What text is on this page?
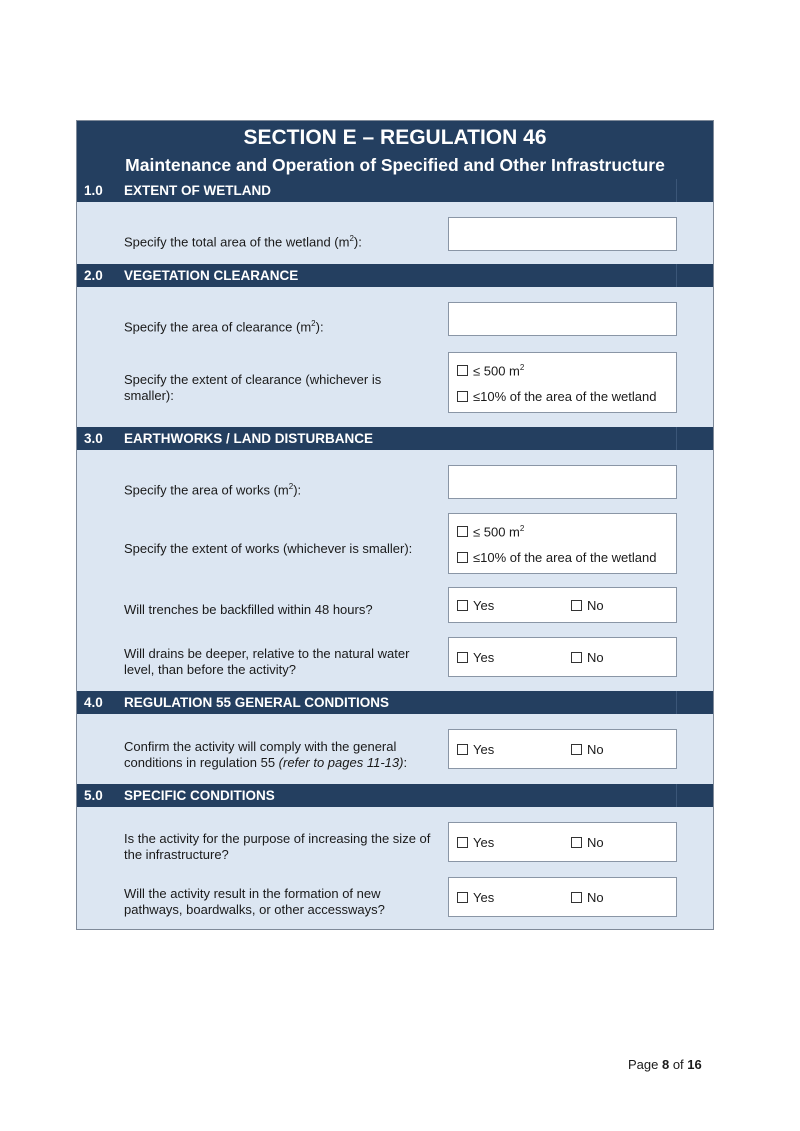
SECTION E – REGULATION 46
Maintenance and Operation of Specified and Other Infrastructure
1.0 EXTENT OF WETLAND
Specify the total area of the wetland $(m^2)$:
2.0 VEGETATION CLEARANCE
Specify the area of clearance $(m^2)$:
Specify the extent of clearance (whichever is smaller):
≤ 500 $m^2$
≤10% of the area of the wetland
3.0 EARTHWORKS / LAND DISTURBANCE
Specify the area of works $(m^2)$:
Specify the extent of works (whichever is smaller):
≤ 500 $m^2$
≤10% of the area of the wetland
Will trenches be backfilled within 48 hours?	Yes	No
Will drains be deeper, relative to the natural water level, than before the activity?
Yes	No
4.0 REGULATION 55 GENERAL CONDITIONS
Confirm the activity will comply with the general conditions in regulation 55 (refer to pages 11-13):
Yes	No
5.0 SPECIFIC CONDITIONS
Is the activity for the purpose of increasing the size of the infrastructure?
Yes	No
Will the activity result in the formation of new pathways, boardwalks, or other accessways?
Yes	No
Page 8 of 16
